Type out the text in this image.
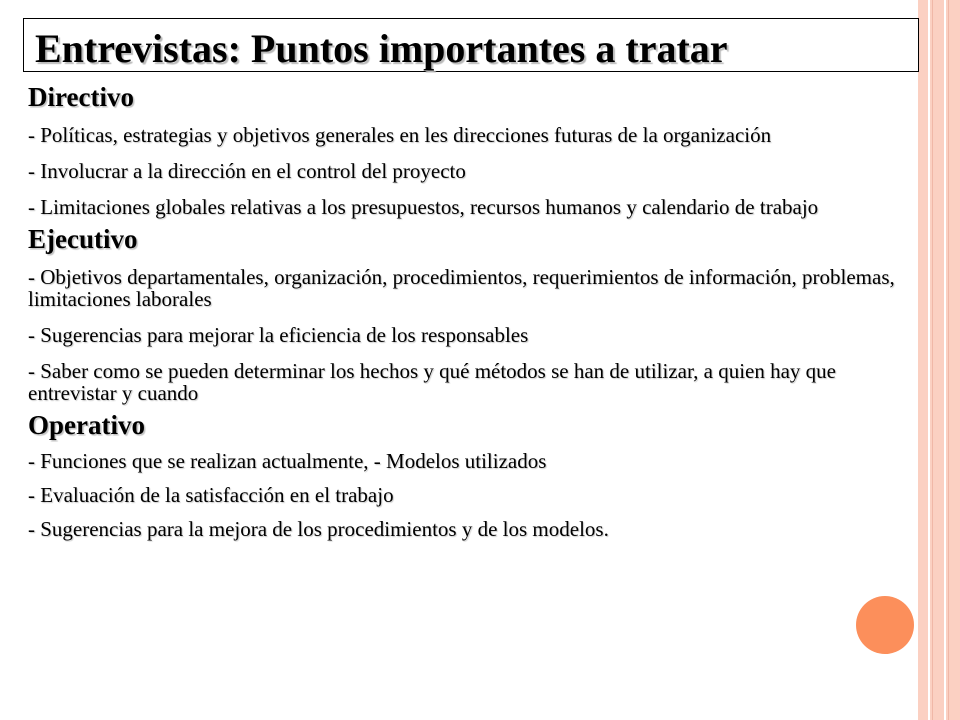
Entrevistas: Puntos importantes a tratar

Directivo

- Políticas, estrategias y objetivos generales en les direcciones futuras de la organización

- Involucrar a la dirección en el control del proyecto

- Limitaciones globales relativas a los presupuestos, recursos humanos y calendario de trabajo

Ejecutivo

- Objetivos departamentales, organización, procedimientos, requerimientos de información, problemas, limitaciones laborales

- Sugerencias para mejorar la eficiencia de los responsables

- Saber como se pueden determinar los hechos y qué métodos se han de utilizar, a quien hay que entrevistar y cuando

Operativo

- Funciones que se realizan actualmente, - Modelos utilizados

- Evaluación de la satisfacción en el trabajo

- Sugerencias para la mejora de los procedimientos y de los modelos.
